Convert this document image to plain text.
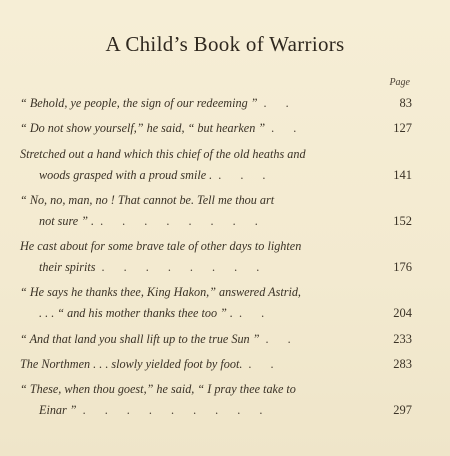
A Child’s Book of Warriors
Page
“ Behold, ye people, the sign of our redeeming ” . .	83
“ Do not show yourself,” he said, “ but hearken ” . .	127
Stretched out a hand which this chief of the old heaths and
woods grasped with a proud smile . . . .	141
“ No, no, man, no ! That cannot be. Tell me thou art
not sure ” . . . . . . . . .	152
He cast about for some brave tale of other days to lighten
their spirits . . . . . . . .	176
“ He says he thanks thee, King Hakon,” answered Astrid,
. . . “ and his mother thanks thee too ” . . .	204
“ And that land you shall lift up to the true Sun ” . .	233
The Northmen . . . slowly yielded foot by foot. . .	283
“ These, when thou goest,” he said, “ I pray thee take to
Einar ” . . . . . . . . .	297
